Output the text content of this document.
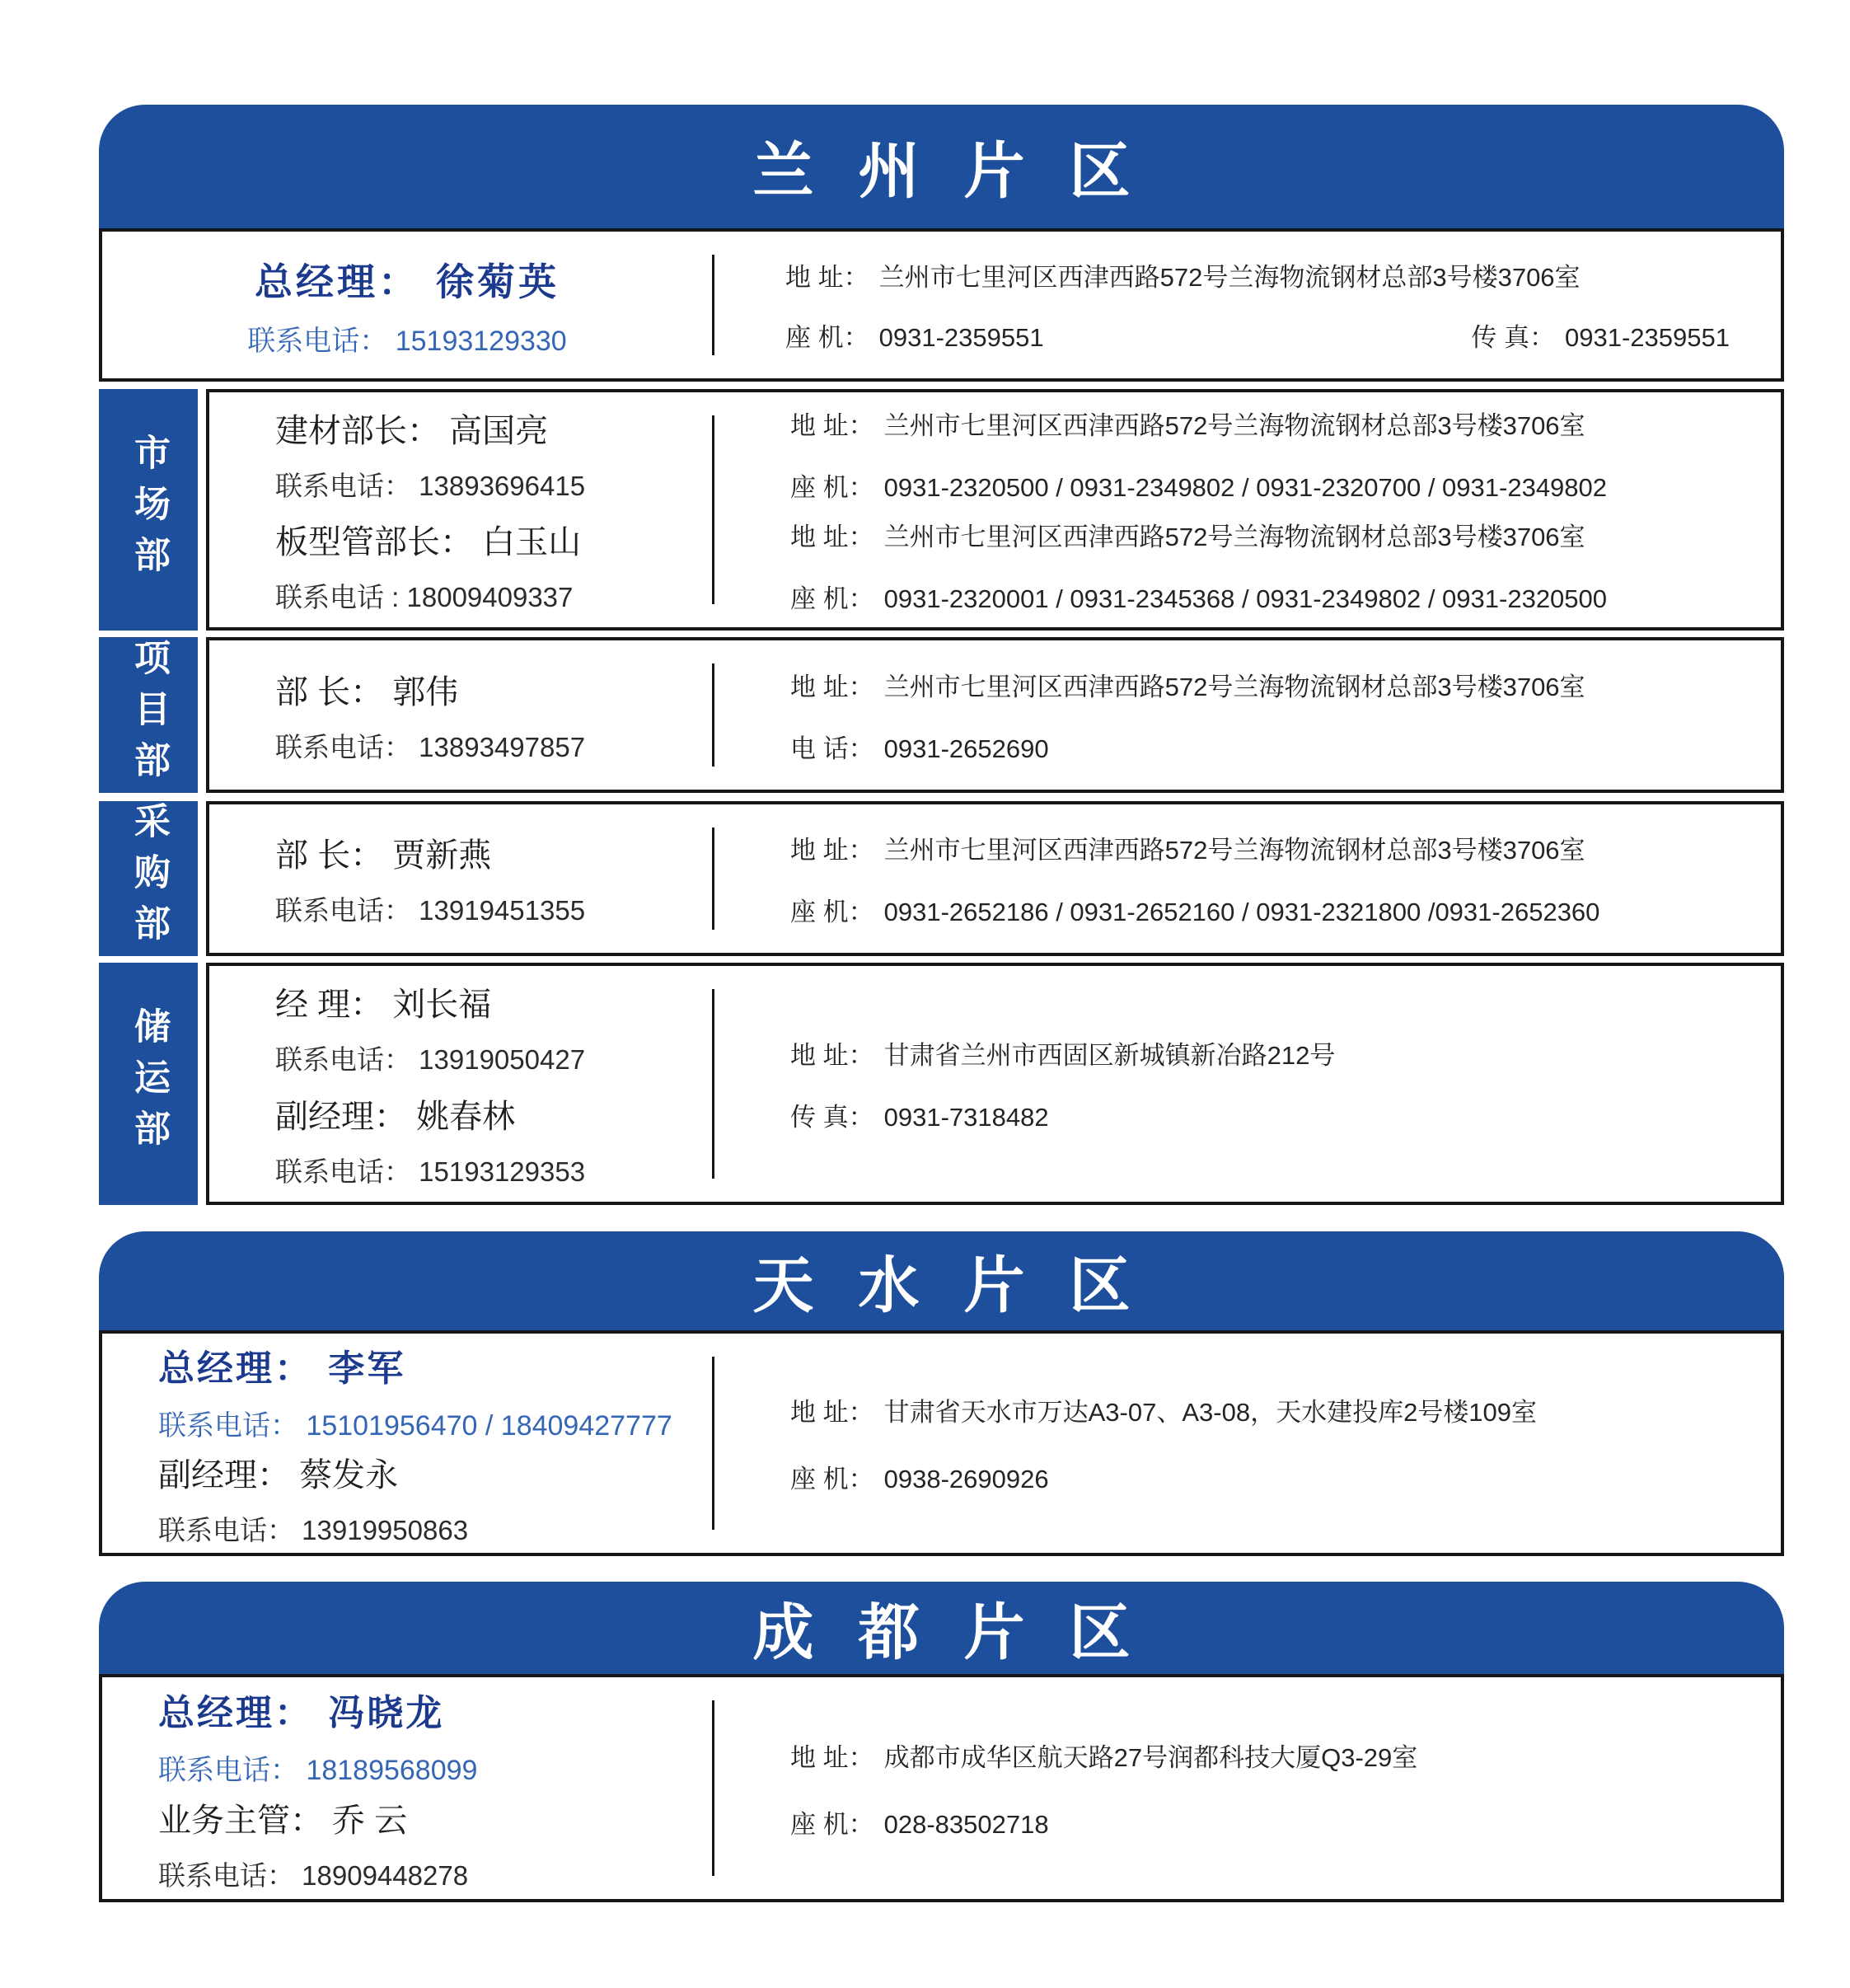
兰州片区
总经理： 徐菊英
联系电话： 15193129330
地 址： 兰州市七里河区西津西路572号兰海物流钢材总部3号楼3706室
座 机： 0931-2359551	传 真： 0931-2359551
市场部
建材部长： 高国亮
联系电话： 13893696415
板型管部长： 白玉山
联系电话 : 18009409337
地 址： 兰州市七里河区西津西路572号兰海物流钢材总部3号楼3706室
座 机： 0931-2320500 / 0931-2349802 / 0931-2320700 / 0931-2349802
地 址： 兰州市七里河区西津西路572号兰海物流钢材总部3号楼3706室
座 机： 0931-2320001 / 0931-2345368 / 0931-2349802 / 0931-2320500
项目部	部 长： 郭伟
联系电话： 13893497857
地 址： 兰州市七里河区西津西路572号兰海物流钢材总部3号楼3706室
电 话： 0931-2652690
采购部	部 长： 贾新燕
联系电话： 13919451355
地 址： 兰州市七里河区西津西路572号兰海物流钢材总部3号楼3706室
座 机： 0931-2652186 / 0931-2652160 / 0931-2321800 /0931-2652360
储运部
经 理： 刘长福
联系电话： 13919050427
副经理： 姚春林
联系电话： 15193129353
地 址： 甘肃省兰州市西固区新城镇新冶路212号
传 真： 0931-7318482
天水片区
总经理： 李军
联系电话： 15101956470 / 18409427777
副经理： 蔡发永
联系电话： 13919950863
地 址： 甘肃省天水市万达A3-07、A3-08，天水建投库2号楼109室
座 机： 0938-2690926
成都片区
总经理： 冯晓龙
联系电话： 18189568099
业务主管： 乔 云
联系电话： 18909448278
地 址： 成都市成华区航天路27号润都科技大厦Q3-29室
座 机： 028-83502718
